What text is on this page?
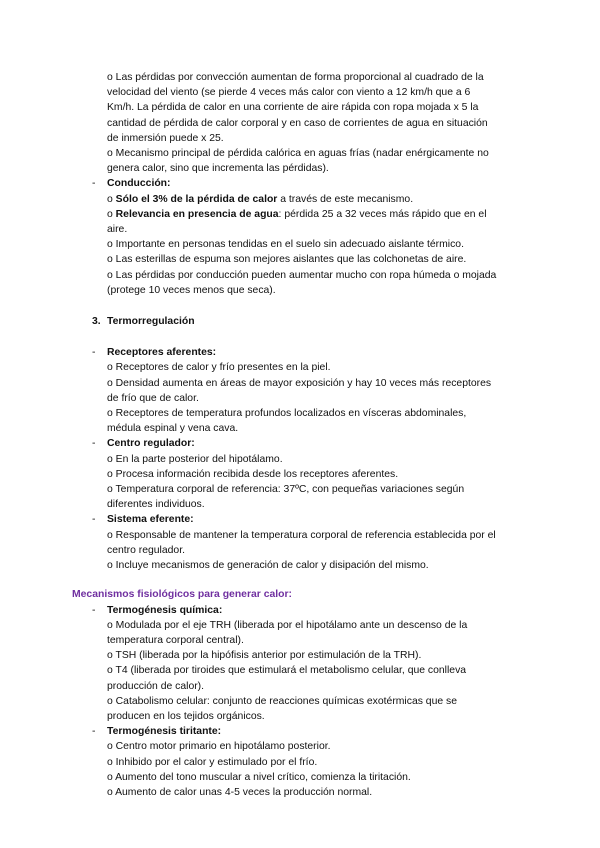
o Las pérdidas por convección aumentan de forma proporcional al cuadrado de la
velocidad del viento (se pierde 4 veces más calor con viento a 12 km/h que a 6
Km/h. La pérdida de calor en una corriente de aire rápida con ropa mojada x 5 la
cantidad de pérdida de calor corporal y en caso de corrientes de agua en situación
de inmersión puede x 25.
o Mecanismo principal de pérdida calórica en aguas frías (nadar enérgicamente no
genera calor, sino que incrementa las pérdidas).
- Conducción:
o Sólo el 3% de la pérdida de calor a través de este mecanismo.
o Relevancia en presencia de agua: pérdida 25 a 32 veces más rápido que en el
aire.
o Importante en personas tendidas en el suelo sin adecuado aislante térmico.
o Las esterillas de espuma son mejores aislantes que las colchonetas de aire.
o Las pérdidas por conducción pueden aumentar mucho con ropa húmeda o mojada
(protege 10 veces menos que seca).
3. Termorregulación
- Receptores aferentes:
o Receptores de calor y frío presentes en la piel.
o Densidad aumenta en áreas de mayor exposición y hay 10 veces más receptores
de frío que de calor.
o Receptores de temperatura profundos localizados en vísceras abdominales,
médula espinal y vena cava.
- Centro regulador:
o En la parte posterior del hipotálamo.
o Procesa información recibida desde los receptores aferentes.
o Temperatura corporal de referencia: 37ºC, con pequeñas variaciones según
diferentes individuos.
- Sistema eferente:
o Responsable de mantener la temperatura corporal de referencia establecida por el
centro regulador.
o Incluye mecanismos de generación de calor y disipación del mismo.
Mecanismos fisiológicos para generar calor:
- Termogénesis química:
o Modulada por el eje TRH (liberada por el hipotálamo ante un descenso de la
temperatura corporal central).
o TSH (liberada por la hipófisis anterior por estimulación de la TRH).
o T4 (liberada por tiroides que estimulará el metabolismo celular, que conlleva
producción de calor).
o Catabolismo celular: conjunto de reacciones químicas exotérmicas que se
producen en los tejidos orgánicos.
- Termogénesis tiritante:
o Centro motor primario en hipotálamo posterior.
o Inhibido por el calor y estimulado por el frío.
o Aumento del tono muscular a nivel crítico, comienza la tiritación.
o Aumento de calor unas 4-5 veces la producción normal.
